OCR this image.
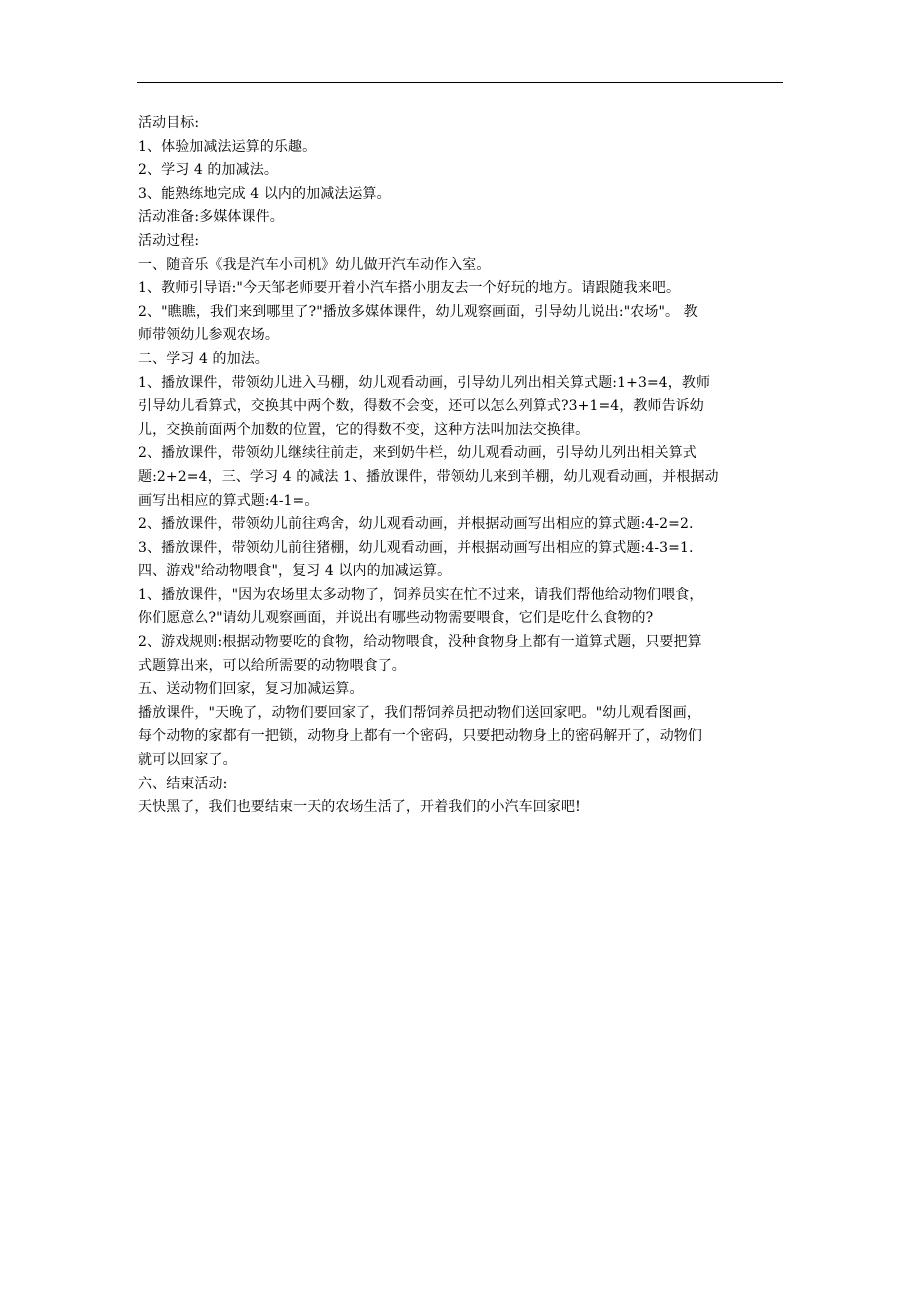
活动目标:
1、体验加减法运算的乐趣。
2、学习 4 的加减法。
3、能熟练地完成 4 以内的加减法运算。
活动准备:多媒体课件。
活动过程:
一、随音乐《我是汽车小司机》幼儿做开汽车动作入室。
1、教师引导语:"今天邹老师要开着小汽车搭小朋友去一个好玩的地方。请跟随我来吧。
2、"瞧瞧，我们来到哪里了?"播放多媒体课件，幼儿观察画面，引导幼儿说出:"农场"。 教
师带领幼儿参观农场。
二、学习 4 的加法。
1、播放课件，带领幼儿进入马棚，幼儿观看动画，引导幼儿列出相关算式题:1+3=4，教师
引导幼儿看算式，交换其中两个数，得数不会变，还可以怎么列算式?3+1=4，教师告诉幼
儿，交换前面两个加数的位置，它的得数不变，这种方法叫加法交换律。
2、播放课件，带领幼儿继续往前走，来到奶牛栏，幼儿观看动画，引导幼儿列出相关算式
题:2+2=4，三、学习 4 的减法 1、播放课件，带领幼儿来到羊棚，幼儿观看动画，并根据动
画写出相应的算式题:4-1=。
2、播放课件，带领幼儿前往鸡舍，幼儿观看动画，并根据动画写出相应的算式题:4-2=2.
3、播放课件，带领幼儿前往猪棚，幼儿观看动画，并根据动画写出相应的算式题:4-3=1.
四、游戏"给动物喂食"，复习 4 以内的加减运算。
1、播放课件，"因为农场里太多动物了，饲养员实在忙不过来，请我们帮他给动物们喂食，
你们愿意么?"请幼儿观察画面，并说出有哪些动物需要喂食，它们是吃什么食物的?
2、游戏规则:根据动物要吃的食物，给动物喂食，没种食物身上都有一道算式题，只要把算
式题算出来，可以给所需要的动物喂食了。
五、送动物们回家，复习加减运算。
播放课件，"天晚了，动物们要回家了，我们帮饲养员把动物们送回家吧。"幼儿观看图画，
每个动物的家都有一把锁，动物身上都有一个密码，只要把动物身上的密码解开了，动物们
就可以回家了。
六、结束活动:
天快黑了，我们也要结束一天的农场生活了，开着我们的小汽车回家吧!
